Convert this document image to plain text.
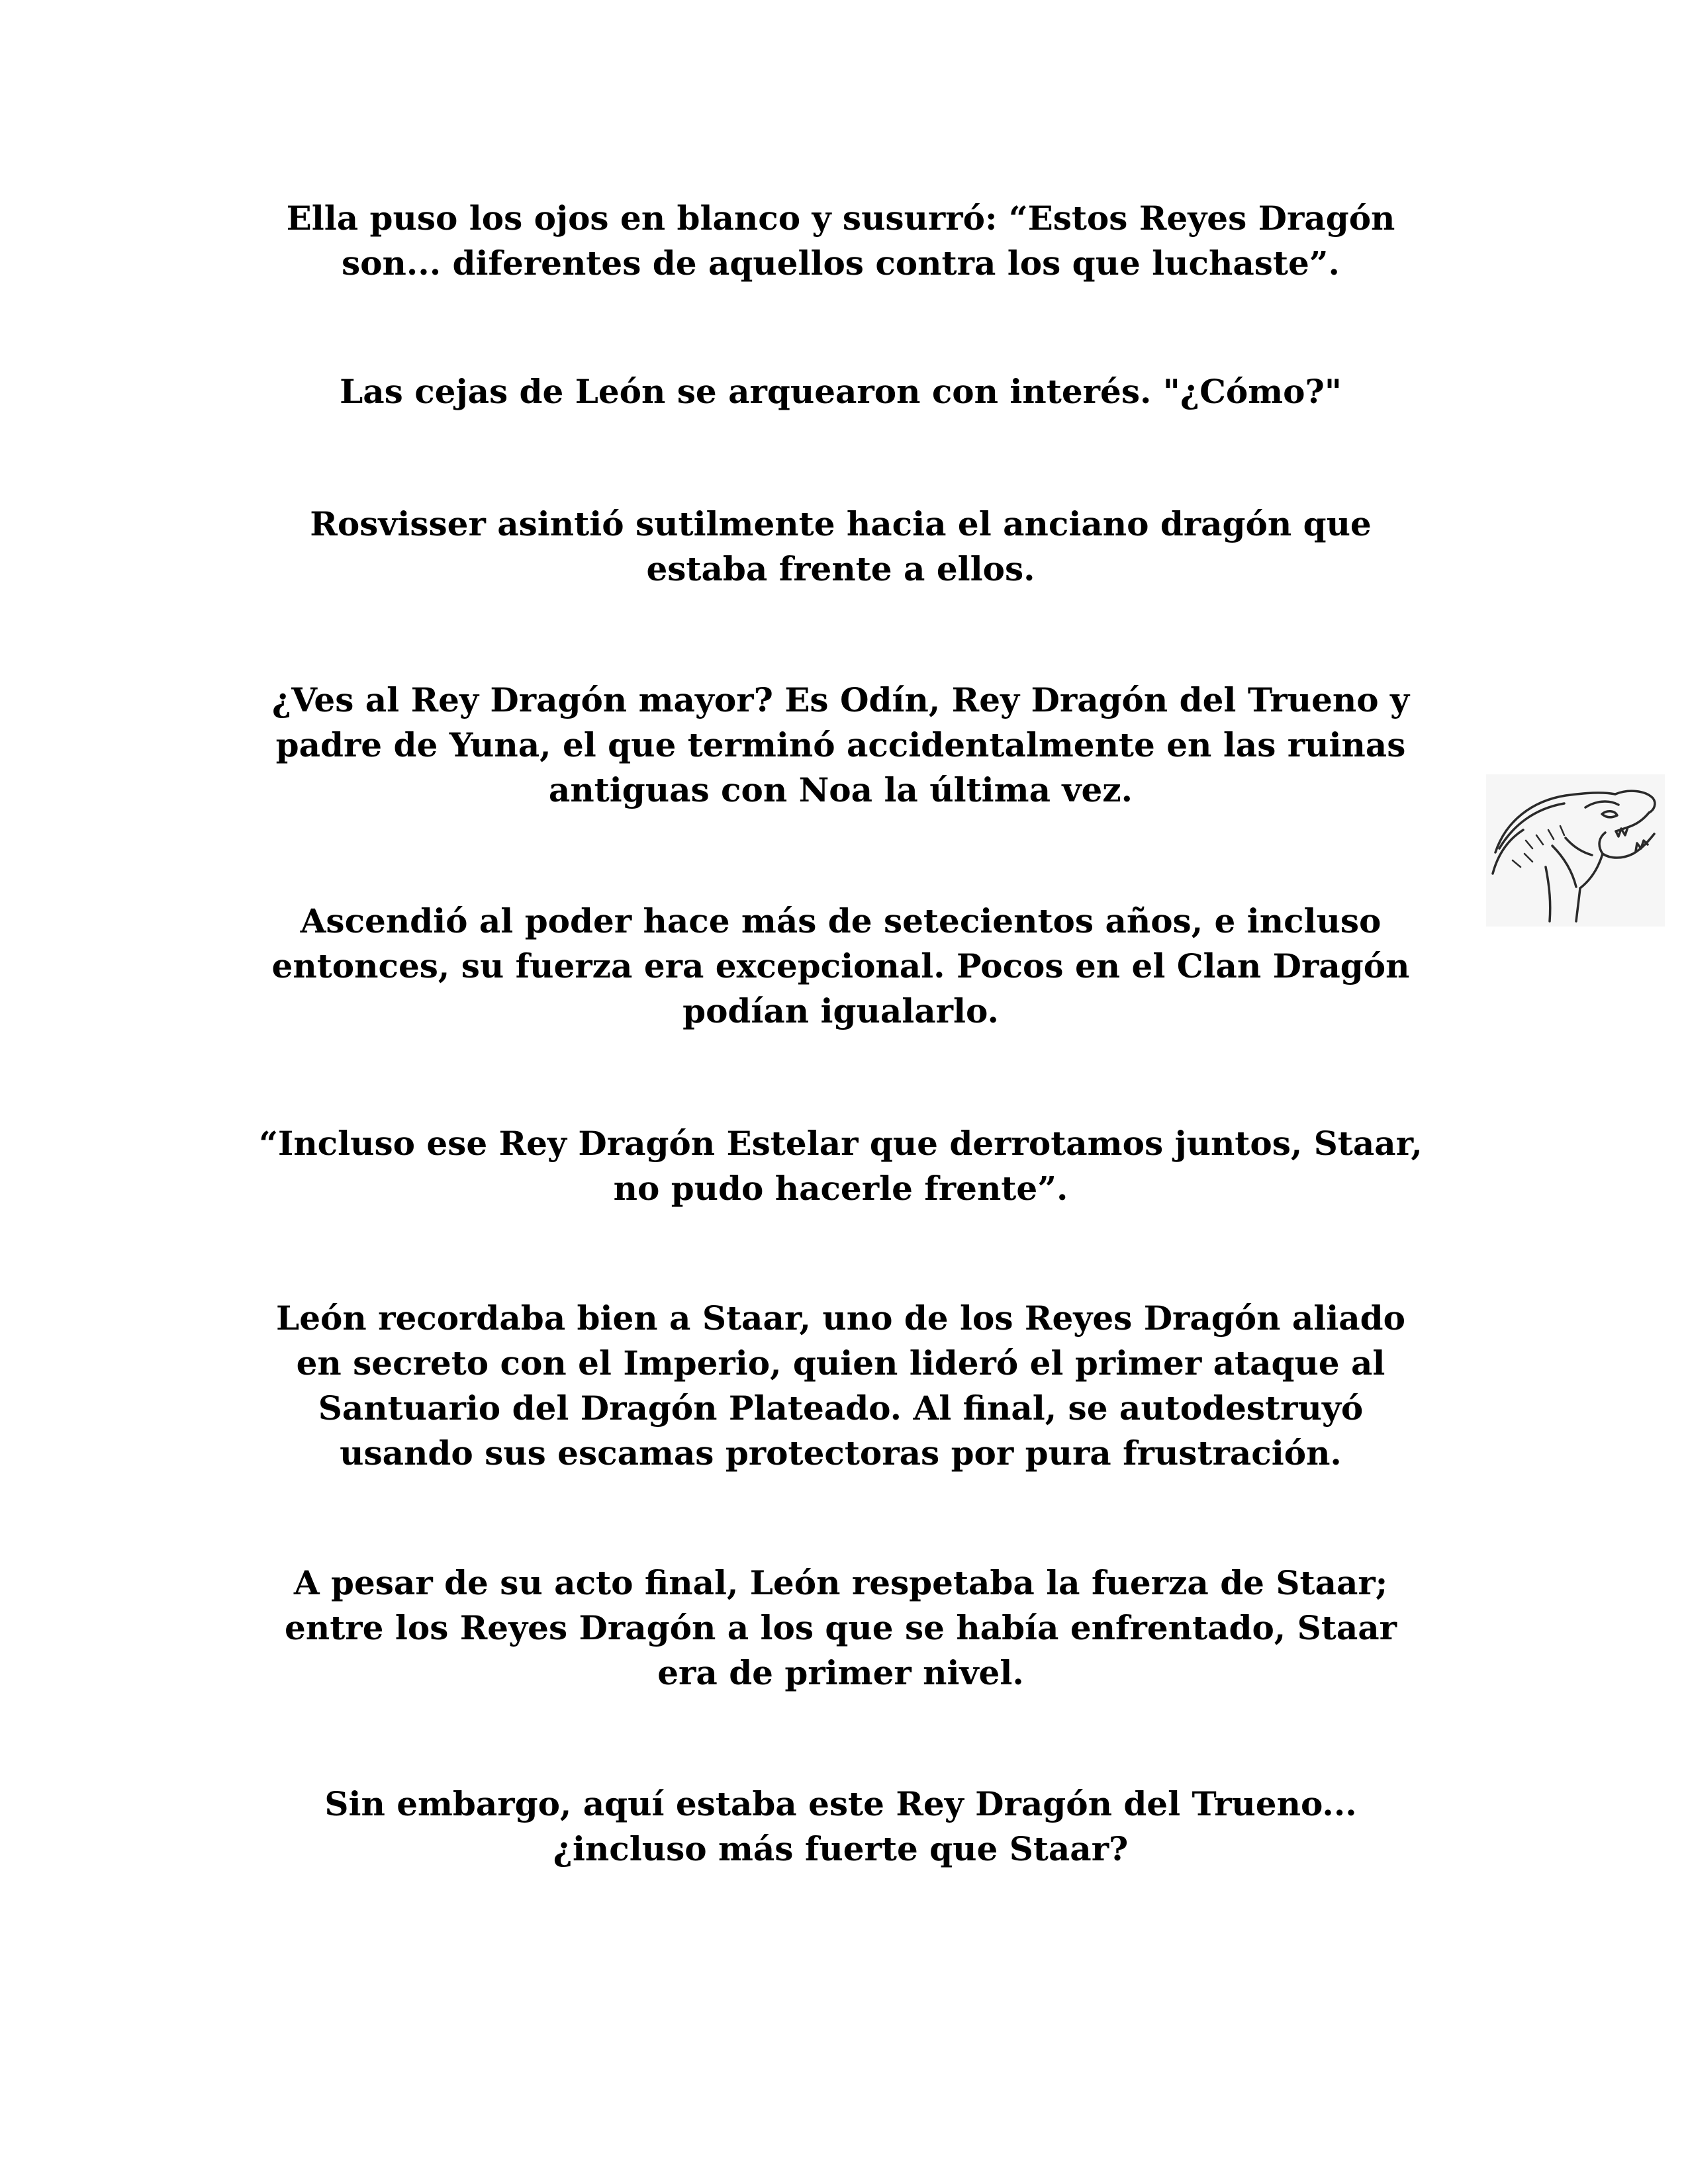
Ella puso los ojos en blanco y susurró: “Estos Reyes Dragón
son... diferentes de aquellos contra los que luchaste”.

Las cejas de León se arquearon con interés. "¿Cómo?"

Rosvisser asintió sutilmente hacia el anciano dragón que
estaba frente a ellos.

¿Ves al Rey Dragón mayor? Es Odín, Rey Dragón del Trueno y
padre de Yuna, el que terminó accidentalmente en las ruinas
antiguas con Noa la última vez.

Ascendió al poder hace más de setecientos años, e incluso
entonces, su fuerza era excepcional. Pocos en el Clan Dragón
podían igualarlo.

“Incluso ese Rey Dragón Estelar que derrotamos juntos, Staar,
no pudo hacerle frente”.

León recordaba bien a Staar, uno de los Reyes Dragón aliado
en secreto con el Imperio, quien lideró el primer ataque al
Santuario del Dragón Plateado. Al final, se autodestruyó
usando sus escamas protectoras por pura frustración.

A pesar de su acto final, León respetaba la fuerza de Staar;
entre los Reyes Dragón a los que se había enfrentado, Staar
era de primer nivel.

Sin embargo, aquí estaba este Rey Dragón del Trueno...
¿incluso más fuerte que Staar?
